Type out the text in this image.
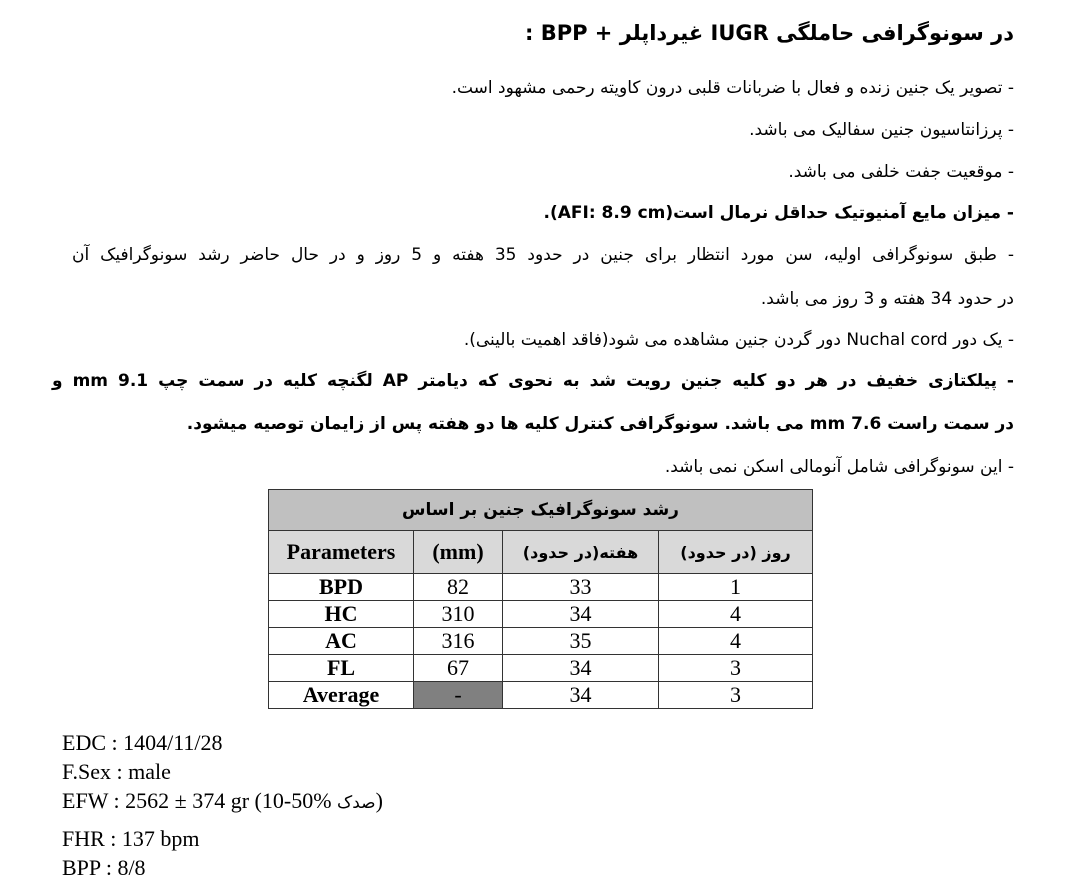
در سونوگرافی حاملگی IUGR غیرداپلر + BPP :
- تصویر یک جنین زنده و فعال با ضربانات قلبی درون کاویته رحمی مشهود است.
- پرزانتاسیون جنین سفالیک می باشد.
- موقعیت جفت خلفی می باشد.
- میزان مایع آمنیوتیک حداقل نرمال است(AFI: 8.9 cm).
- طبق سونوگرافی اولیه، سن مورد انتظار برای جنین در حدود 35 هفته و 5 روز و در حال حاضر رشد سونوگرافیک آن
در حدود 34 هفته و 3 روز می باشد.
- یک دور Nuchal cord دور گردن جنین مشاهده می شود(فاقد اهمیت بالینی).
- پیلکتازی خفیف در هر دو کلیه جنین رویت شد به نحوی که دیامتر AP لگنچه کلیه در سمت چپ 9.1 mm و
در سمت راست 7.6 mm می باشد. سونوگرافی کنترل کلیه ها دو هفته پس از زایمان توصیه میشود.
- این سونوگرافی شامل آنومالی اسکن نمی باشد.
رشد سونوگرافیک جنین بر اساس			
Parameters	(mm)	هفته(در حدود)	روز (در حدود)
BPD	82	33	1
HC	310	34	4
AC	316	35	4
FL	67	34	3
Average	-	34	3
EDC : 1404/11/28
F.Sex : male
EFW : 2562 ± 374 gr (10-50% صدک)
FHR : 137 bpm
BPP : 8/8
